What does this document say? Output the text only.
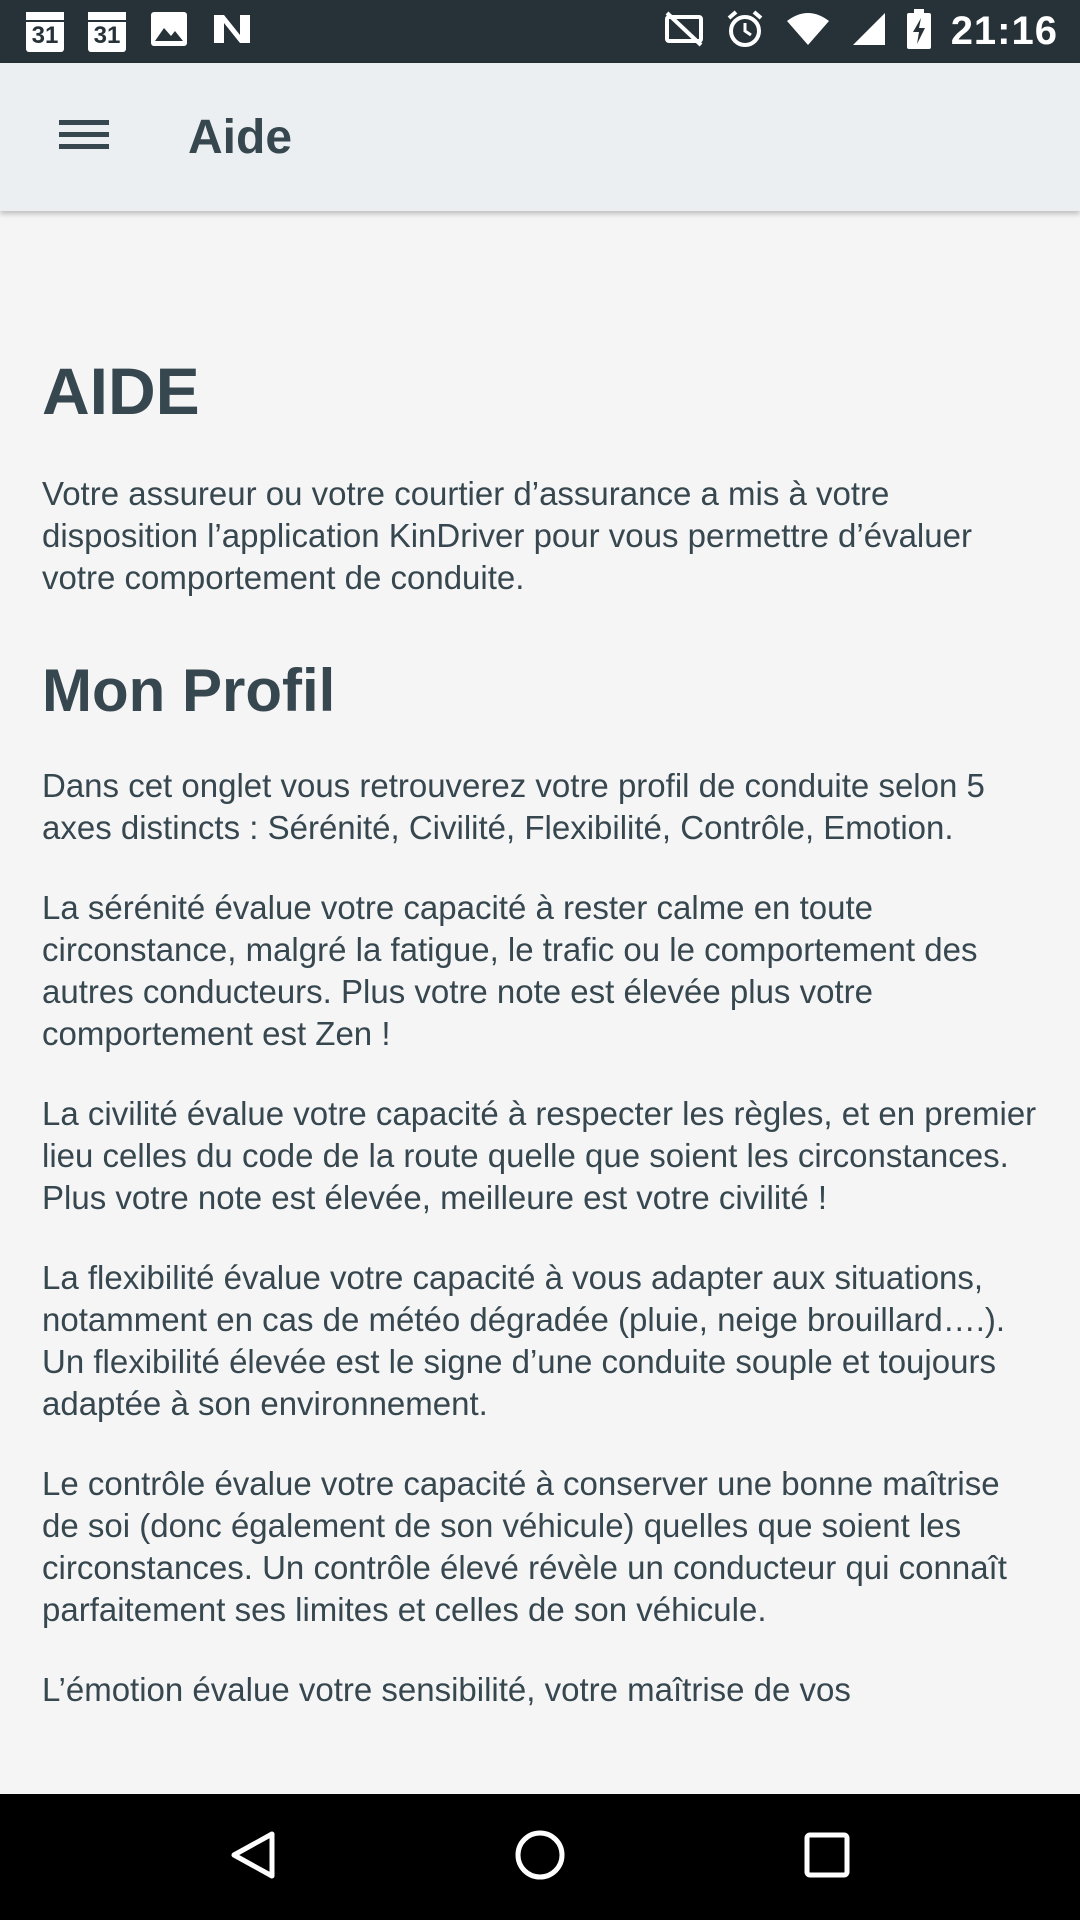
31 31	21:16
Aide
AIDE

Votre assureur ou votre courtier d’assurance a mis à votre disposition l’application KinDriver pour vous permettre d’évaluer votre comportement de conduite.

Mon Profil

Dans cet onglet vous retrouverez votre profil de conduite selon 5 axes distincts : Sérénité, Civilité, Flexibilité, Contrôle, Emotion.

La sérénité évalue votre capacité à rester calme en toute circonstance, malgré la fatigue, le trafic ou le comportement des autres conducteurs. Plus votre note est élevée plus votre comportement est Zen !

La civilité évalue votre capacité à respecter les règles, et en premier lieu celles du code de la route quelle que soient les circonstances. Plus votre note est élevée, meilleure est votre civilité !

La flexibilité évalue votre capacité à vous adapter aux situations, notamment en cas de météo dégradée (pluie, neige brouillard….). Un flexibilité élevée est le signe d’une conduite souple et toujours adaptée à son environnement.

Le contrôle évalue votre capacité à conserver une bonne maîtrise de soi (donc également de son véhicule) quelles que soient les circonstances. Un contrôle élevé révèle un conducteur qui connaît parfaitement ses limites et celles de son véhicule.

L’émotion évalue votre sensibilité, votre maîtrise de vos
